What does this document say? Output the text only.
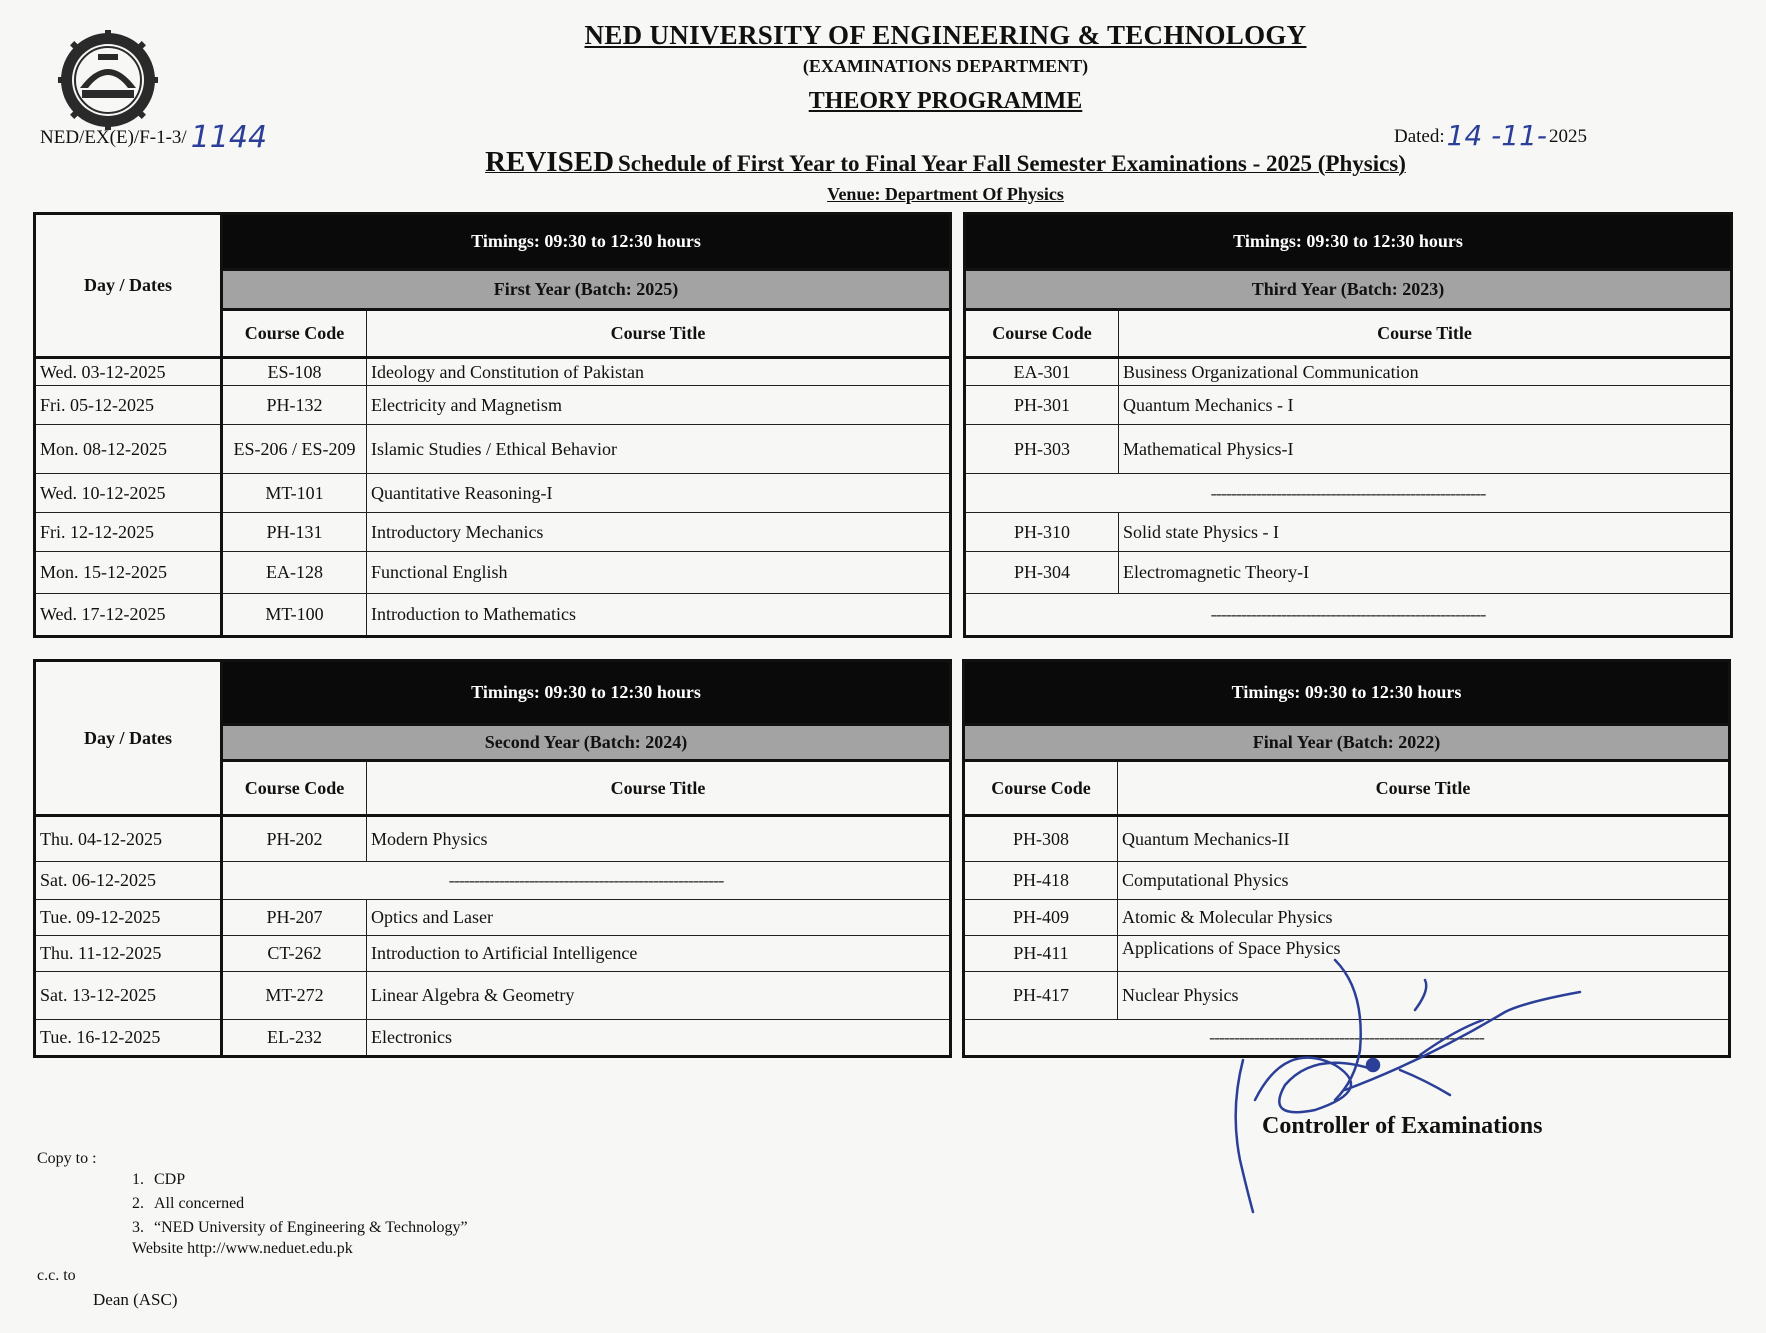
NED UNIVERSITY OF ENGINEERING & TECHNOLOGY
(EXAMINATIONS DEPARTMENT)
THEORY PROGRAMME
NED/EX(E)/F-1-3/ 1144	Dated:14 -11- 2025
REVISED Schedule of First Year to Final Year Fall Semester Examinations - 2025 (Physics)
Venue: Department Of Physics
Day / Dates	Timings: 09:30 to 12:30 hours	
	First Year (Batch: 2025)	
	Course Code	Course Title
Wed. 03-12-2025	ES-108	Ideology and Constitution of Pakistan
Fri. 05-12-2025	PH-132	Electricity and Magnetism
Mon. 08-12-2025	ES-206 / ES-209	Islamic Studies / Ethical Behavior
Wed. 10-12-2025	MT-101	Quantitative Reasoning-I
Fri. 12-12-2025	PH-131	Introductory Mechanics
Mon. 15-12-2025	EA-128	Functional English
Wed. 17-12-2025	MT-100	Introduction to Mathematics
Timings: 09:30 to 12:30 hours	
Third Year (Batch: 2023)	
Course Code	Course Title
EA-301	Business Organizational Communication
PH-301	Quantum Mechanics - I
PH-303	Mathematical Physics-I
-------------------------------------------------------	
PH-310	Solid state Physics - I
PH-304	Electromagnetic Theory-I
-------------------------------------------------------	
Day / Dates	Timings: 09:30 to 12:30 hours	
	Second Year (Batch: 2024)	
	Course Code	Course Title
Thu. 04-12-2025	PH-202	Modern Physics
Sat. 06-12-2025	-------------------------------------------------------	
Tue. 09-12-2025	PH-207	Optics and Laser
Thu. 11-12-2025	CT-262	Introduction to Artificial Intelligence
Sat. 13-12-2025	MT-272	Linear Algebra & Geometry
Tue. 16-12-2025	EL-232	Electronics
Timings: 09:30 to 12:30 hours	
Final Year (Batch: 2022)	
Course Code	Course Title
PH-308	Quantum Mechanics-II
PH-418	Computational Physics
PH-409	Atomic & Molecular Physics
PH-411	Applications of Space Physics
PH-417	Nuclear Physics
-------------------------------------------------------	
Controller of Examinations
Copy to :
1. CDP
2. All concerned
3. “NED University of Engineering & Technology”
Website http://www.neduet.edu.pk
c.c. to
Dean (ASC)
